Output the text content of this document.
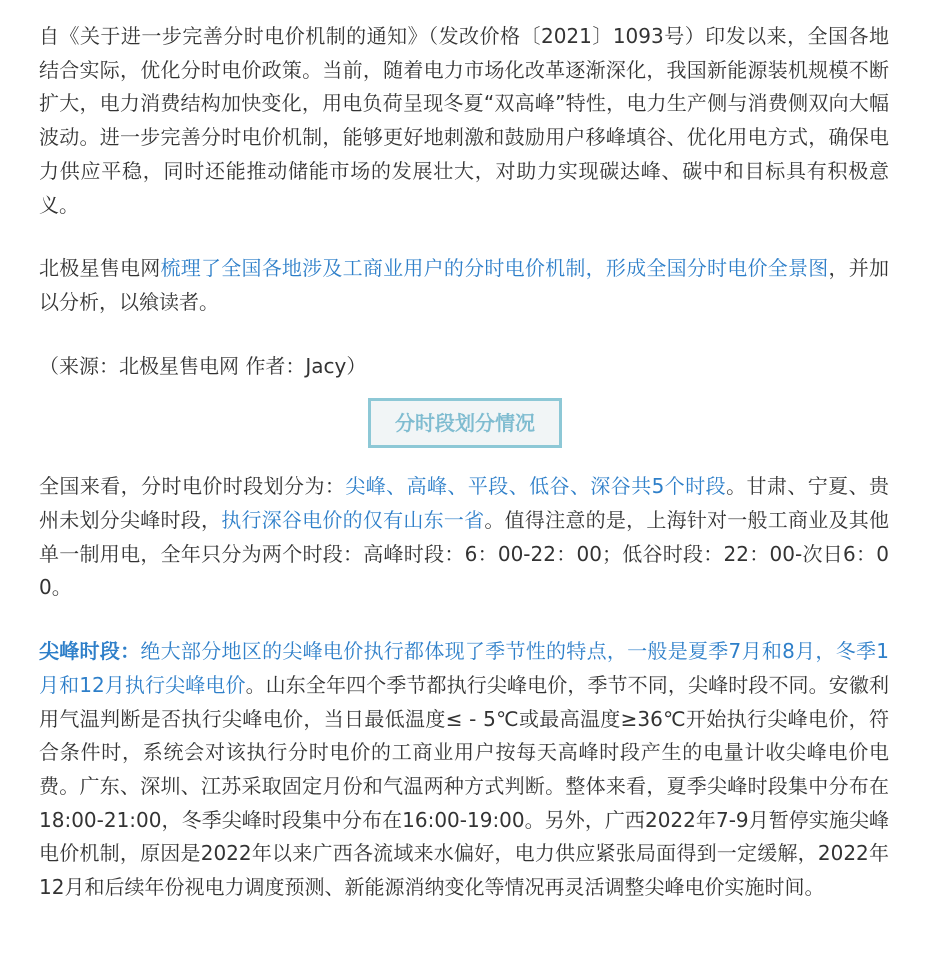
自《关于进一步完善分时电价机制的通知》（发改价格〔2021〕1093号）印发以来，全国各地结合实际，优化分时电价政策。当前，随着电力市场化改革逐渐深化，我国新能源装机规模不断扩大，电力消费结构加快变化，用电负荷呈现冬夏“双高峰”特性，电力生产侧与消费侧双向大幅波动。进一步完善分时电价机制，能够更好地刺激和鼓励用户移峰填谷、优化用电方式，确保电力供应平稳，同时还能推动储能市场的发展壮大，对助力实现碳达峰、碳中和目标具有积极意义。

北极星售电网梳理了全国各地涉及工商业用户的分时电价机制，形成全国分时电价全景图，并加以分析，以飨读者。

（来源：北极星售电网 作者：Jacy）

分时段划分情况

全国来看，分时电价时段划分为：尖峰、高峰、平段、低谷、深谷共5个时段。甘肃、宁夏、贵州未划分尖峰时段，执行深谷电价的仅有山东一省。值得注意的是，上海针对一般工商业及其他单一制用电，全年只分为两个时段：高峰时段：6：00-22：00；低谷时段：22：00-次日6：00。

尖峰时段：绝大部分地区的尖峰电价执行都体现了季节性的特点，一般是夏季7月和8月，冬季1月和12月执行尖峰电价。山东全年四个季节都执行尖峰电价，季节不同，尖峰时段不同。安徽利用气温判断是否执行尖峰电价，当日最低温度≤ - 5℃或最高温度≥36℃开始执行尖峰电价，符合条件时，系统会对该执行分时电价的工商业用户按每天高峰时段产生的电量计收尖峰电价电费。广东、深圳、江苏采取固定月份和气温两种方式判断。整体来看，夏季尖峰时段集中分布在18:00-21:00，冬季尖峰时段集中分布在16:00-19:00。另外，广西2022年7-9月暂停实施尖峰电价机制，原因是2022年以来广西各流域来水偏好，电力供应紧张局面得到一定缓解，2022年12月和后续年份视电力调度预测、新能源消纳变化等情况再灵活调整尖峰电价实施时间。
